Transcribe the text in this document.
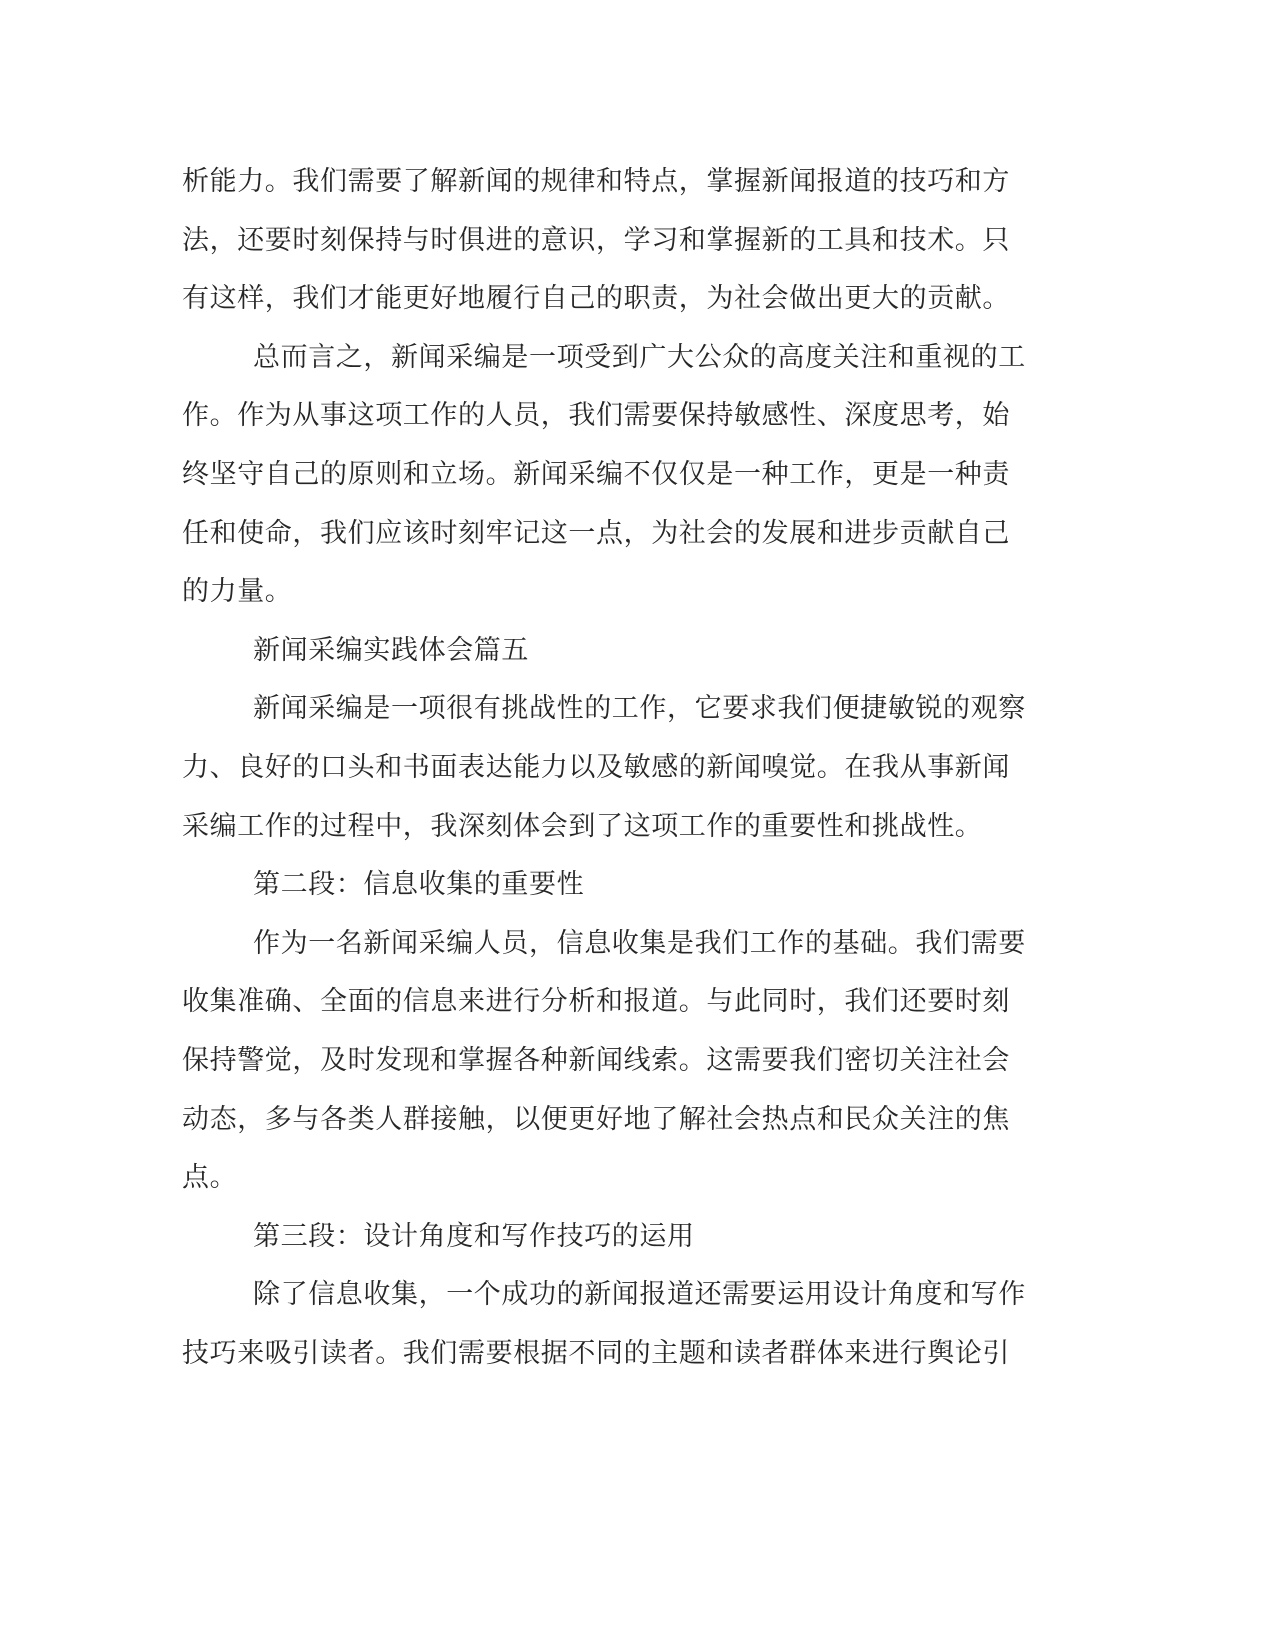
析能力。我们需要了解新闻的规律和特点，掌握新闻报道的技巧和方
法，还要时刻保持与时俱进的意识，学习和掌握新的工具和技术。只
有这样，我们才能更好地履行自己的职责，为社会做出更大的贡献。
总而言之，新闻采编是一项受到广大公众的高度关注和重视的工
作。作为从事这项工作的人员，我们需要保持敏感性、深度思考，始
终坚守自己的原则和立场。新闻采编不仅仅是一种工作，更是一种责
任和使命，我们应该时刻牢记这一点，为社会的发展和进步贡献自己
的力量。
新闻采编实践体会篇五
新闻采编是一项很有挑战性的工作，它要求我们便捷敏锐的观察
力、良好的口头和书面表达能力以及敏感的新闻嗅觉。在我从事新闻
采编工作的过程中，我深刻体会到了这项工作的重要性和挑战性。
第二段：信息收集的重要性
作为一名新闻采编人员，信息收集是我们工作的基础。我们需要
收集准确、全面的信息来进行分析和报道。与此同时，我们还要时刻
保持警觉，及时发现和掌握各种新闻线索。这需要我们密切关注社会
动态，多与各类人群接触，以便更好地了解社会热点和民众关注的焦
点。
第三段：设计角度和写作技巧的运用
除了信息收集，一个成功的新闻报道还需要运用设计角度和写作
技巧来吸引读者。我们需要根据不同的主题和读者群体来进行舆论引
